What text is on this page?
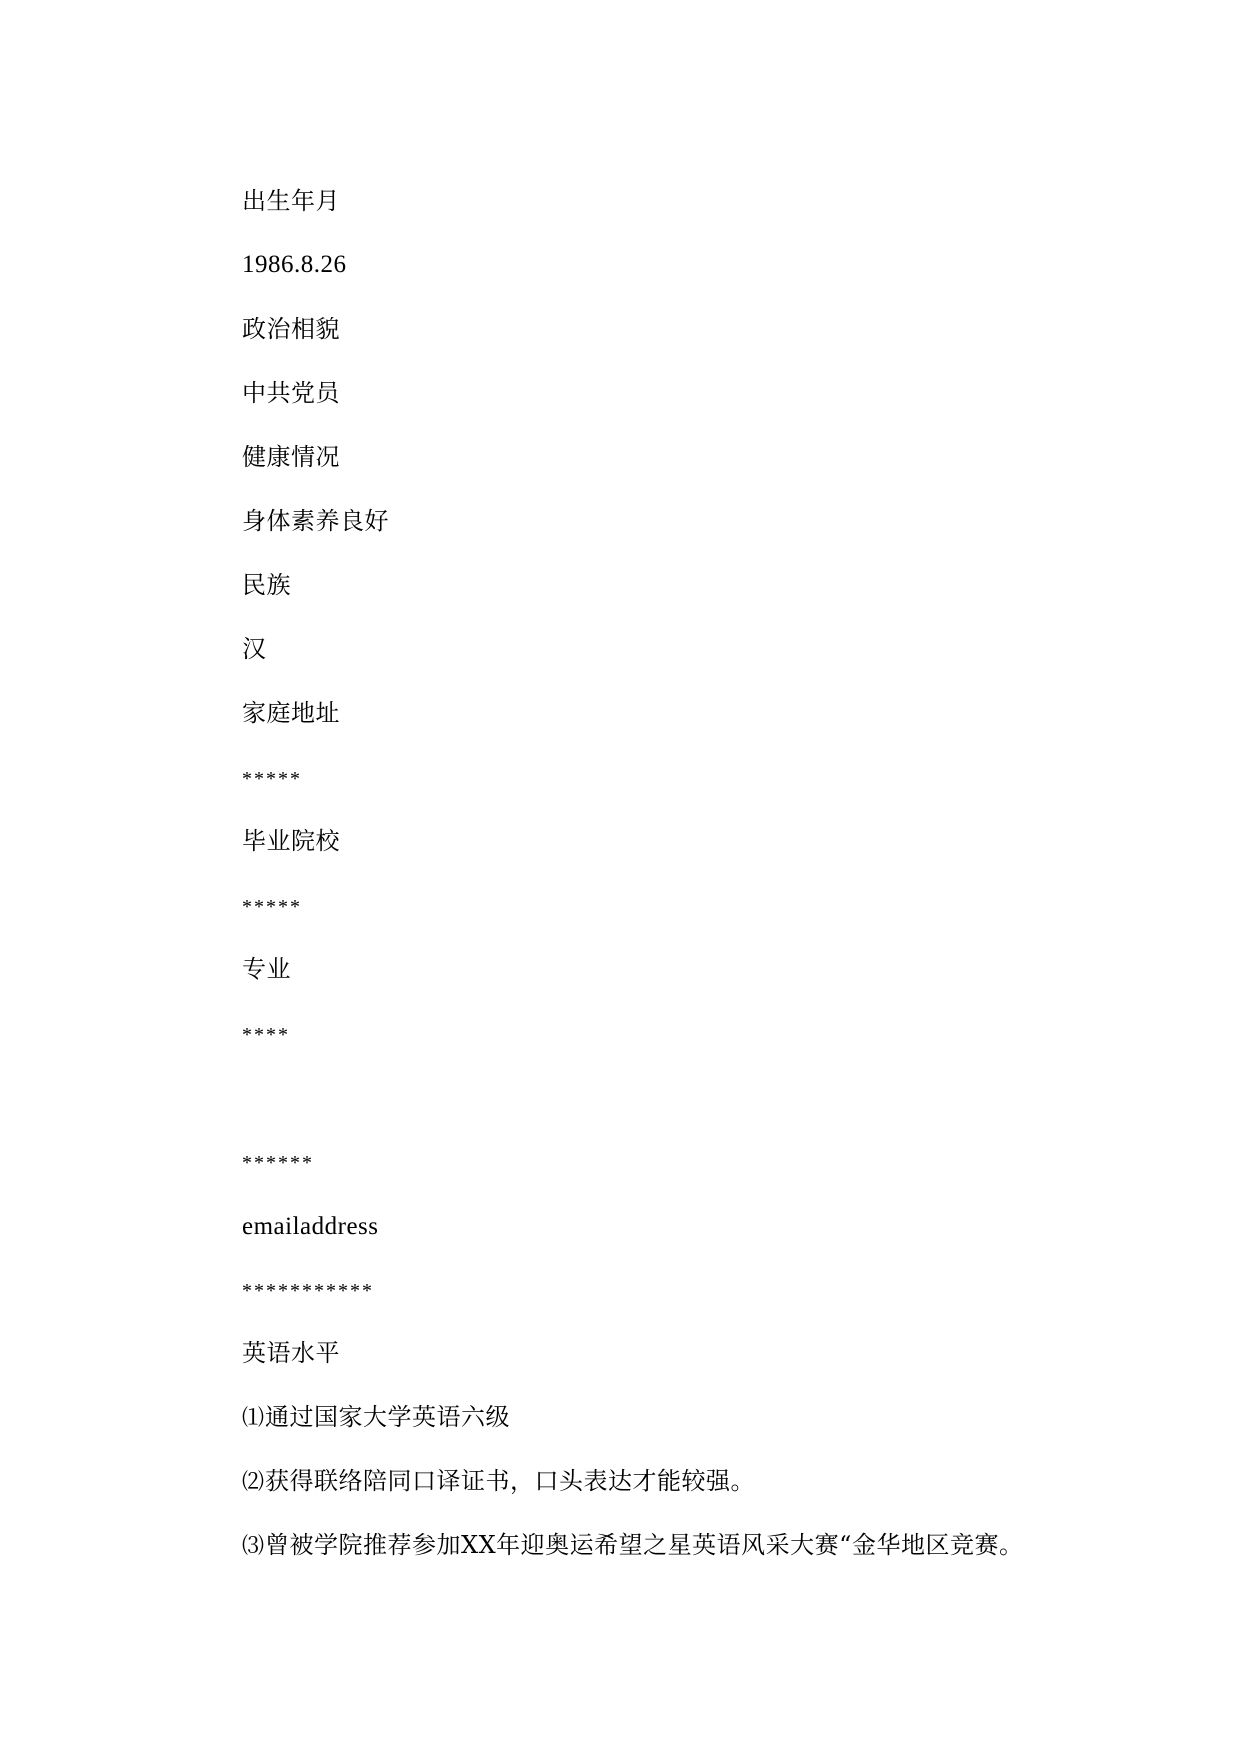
出生年月
1986.8.26
政治相貌
中共党员
健康情况
身体素养良好
民族
汉
家庭地址
*****
毕业院校
*****
专业
****
******
emailaddress
***********
英语水平
⑴通过国家大学英语六级
⑵获得联络陪同口译证书，口头表达才能较强。
⑶曾被学院推荐参加XX年迎奥运希望之星英语风采大赛“金华地区竞赛。
